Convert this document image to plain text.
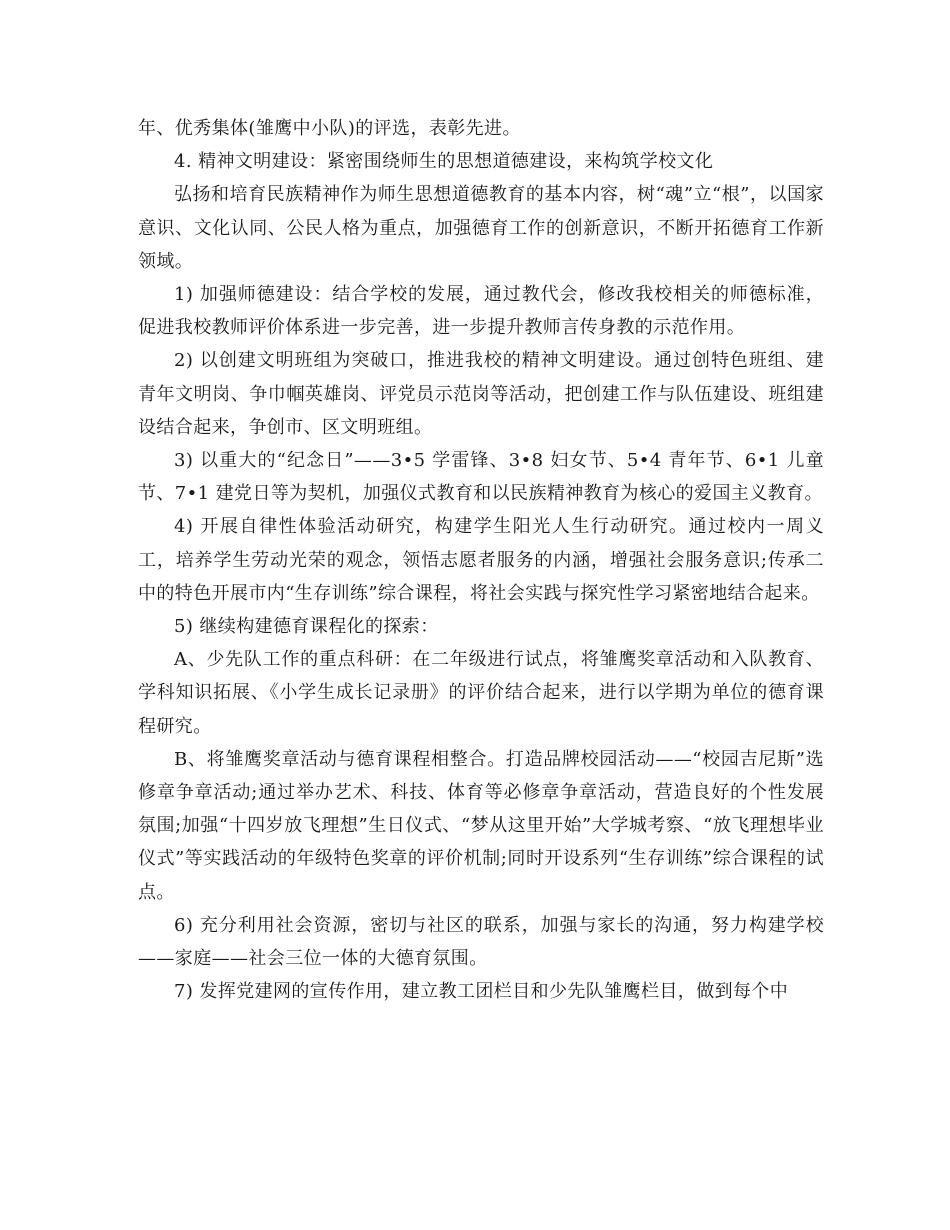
年、优秀集体(雏鹰中小队)的评选，表彰先进。

4. 精神文明建设：紧密围绕师生的思想道德建设，来构筑学校文化

弘扬和培育民族精神作为师生思想道德教育的基本内容，树“魂”立“根”，以国家意识、文化认同、公民人格为重点，加强德育工作的创新意识，不断开拓德育工作新领域。

1) 加强师德建设：结合学校的发展，通过教代会，修改我校相关的师德标准，促进我校教师评价体系进一步完善，进一步提升教师言传身教的示范作用。

2) 以创建文明班组为突破口，推进我校的精神文明建设。通过创特色班组、建青年文明岗、争巾帼英雄岗、评党员示范岗等活动，把创建工作与队伍建设、班组建设结合起来，争创市、区文明班组。

3) 以重大的“纪念日”——3•5 学雷锋、3•8 妇女节、5•4 青年节、6•1 儿童节、7•1 建党日等为契机，加强仪式教育和以民族精神教育为核心的爱国主义教育。

4) 开展自律性体验活动研究，构建学生阳光人生行动研究。通过校内一周义工，培养学生劳动光荣的观念，领悟志愿者服务的内涵，增强社会服务意识;传承二中的特色开展市内“生存训练”综合课程，将社会实践与探究性学习紧密地结合起来。

5) 继续构建德育课程化的探索：

A、少先队工作的重点科研：在二年级进行试点，将雏鹰奖章活动和入队教育、学科知识拓展、《小学生成长记录册》的评价结合起来，进行以学期为单位的德育课程研究。

B、将雏鹰奖章活动与德育课程相整合。打造品牌校园活动——“校园吉尼斯”选修章争章活动;通过举办艺术、科技、体育等必修章争章活动，营造良好的个性发展氛围;加强“十四岁放飞理想”生日仪式、“梦从这里开始”大学城考察、“放飞理想毕业仪式”等实践活动的年级特色奖章的评价机制;同时开设系列“生存训练”综合课程的试点。

6) 充分利用社会资源，密切与社区的联系，加强与家长的沟通，努力构建学校——家庭——社会三位一体的大德育氛围。

7) 发挥党建网的宣传作用，建立教工团栏目和少先队雏鹰栏目，做到每个中
